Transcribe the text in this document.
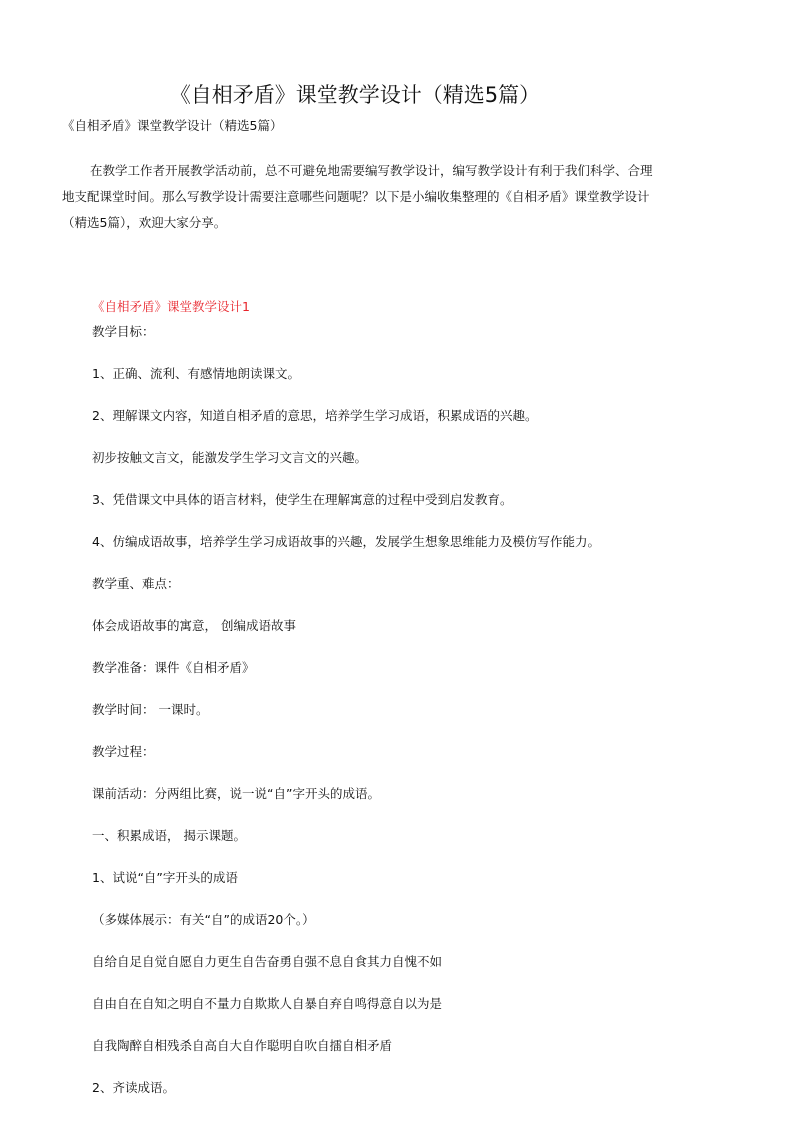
《自相矛盾》课堂教学设计（精选5篇）
《自相矛盾》课堂教学设计（精选5篇）
在教学工作者开展教学活动前，总不可避免地需要编写教学设计，编写教学设计有利于我们科学、合理地支配课堂时间。那么写教学设计需要注意哪些问题呢？以下是小编收集整理的《自相矛盾》课堂教学设计（精选5篇），欢迎大家分享。
《自相矛盾》课堂教学设计1
教学目标：
1、正确、流利、有感情地朗读课文。
2、理解课文内容，知道自相矛盾的意思，培养学生学习成语，积累成语的兴趣。
初步按触文言文，能激发学生学习文言文的兴趣。
3、凭借课文中具体的语言材料，使学生在理解寓意的过程中受到启发教育。
4、仿编成语故事，培养学生学习成语故事的兴趣，发展学生想象思维能力及模仿写作能力。
教学重、难点：
体会成语故事的寓意， 创编成语故事
教学准备：课件《自相矛盾》
教学时间： 一课时。
教学过程：
课前活动：分两组比赛，说一说“自”字开头的成语。
一、积累成语， 揭示课题。
1、试说“自”字开头的成语
（多媒体展示：有关“自”的成语20个。）
自给自足自觉自愿自力更生自告奋勇自强不息自食其力自愧不如
自由自在自知之明自不量力自欺欺人自暴自弃自鸣得意自以为是
自我陶醉自相残杀自高自大自作聪明自吹自擂自相矛盾
2、齐读成语。
